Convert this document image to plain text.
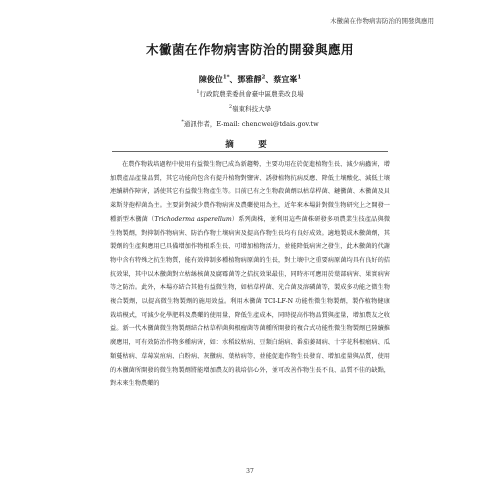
木黴菌在作物病害防治的開發與應用
木黴菌在作物病害防治的開發與應用
陳俊位$^{1*}$、鄧雅靜$^2$、蔡宜峯$^1$
$^1$行政院農業委員會臺中區農業改良場
$^2$嶺東科技大學
*通訊作者，E-mail: chencwei@tdais.gov.tw
摘　要
在農作物栽培過程中使用有益微生物已成為新趨勢，主要功用在於促進植物生長、減少病蟲害，增加農產品產量品質，其它功能尚包含有提升植物對鹽害、誘發植物抗病反應、降低土壤酸化、減低土壤連續耕作障害，誘使其它有益微生物產生等。目前已有之生物殺菌劑以枯草桿菌、鏈黴菌、木黴菌及貝萊斯芽孢桿菌為主。主要針對減少農作物病害及農藥使用為主，近年來本場針對微生物研究上之開發一種新型木黴菌（Trichoderma asperellum）系列菌株，並利用這些菌株研發多項農業生技產品與微生物製劑，對抑制作物病害、防治作物土壤病害及提高作物生長均有良好成效。適地製成木黴菌劑，其製劑的生產與應用已具備增加作物根系生長、可增加植物活力，並能降低病害之發生，此木黴菌的代謝物中含有特殊之抗生物質，能有效抑制多種植物病原菌的生長，對土壤中之重要病原菌均具有良好的拮抗效果，其中以木黴菌對立枯絲核菌及腐霉菌等之拮抗效果最佳，同時亦可應用於葉部病害、果實病害等之防治。此外，本場亦結合其他有益微生物，如枯草桿菌、光合菌及溶磷菌等，製成多功能之微生物複合製劑，以提高微生物製劑的施用效益。利用木黴菌 TCI-LF-N 功能性微生物製劑，製作植物健康栽培模式，可減少化學肥料及農藥的使用量，降低生產成本，同時提高作物品質與產量，增加農友之收益。新一代木黴菌微生物製劑結合枯草桿菌與根瘤菌等菌種所開發的複合式功能性微生物製劑已陸續推廣應用，可有效防治作物多種病害，如：水稻紋枯病、豆類白絹病、番茄萎凋病、十字花科根瘤病、瓜類蔓枯病、草莓炭疽病、白粉病、灰黴病、葉枯病等，並能促進作物生長發育、增加產量與品質，使用的木黴菌所開發的微生物製劑將能增加農友的栽培信心外，並可改善作物生長不良、品質不佳的缺點，對未來生物農藥的
37
